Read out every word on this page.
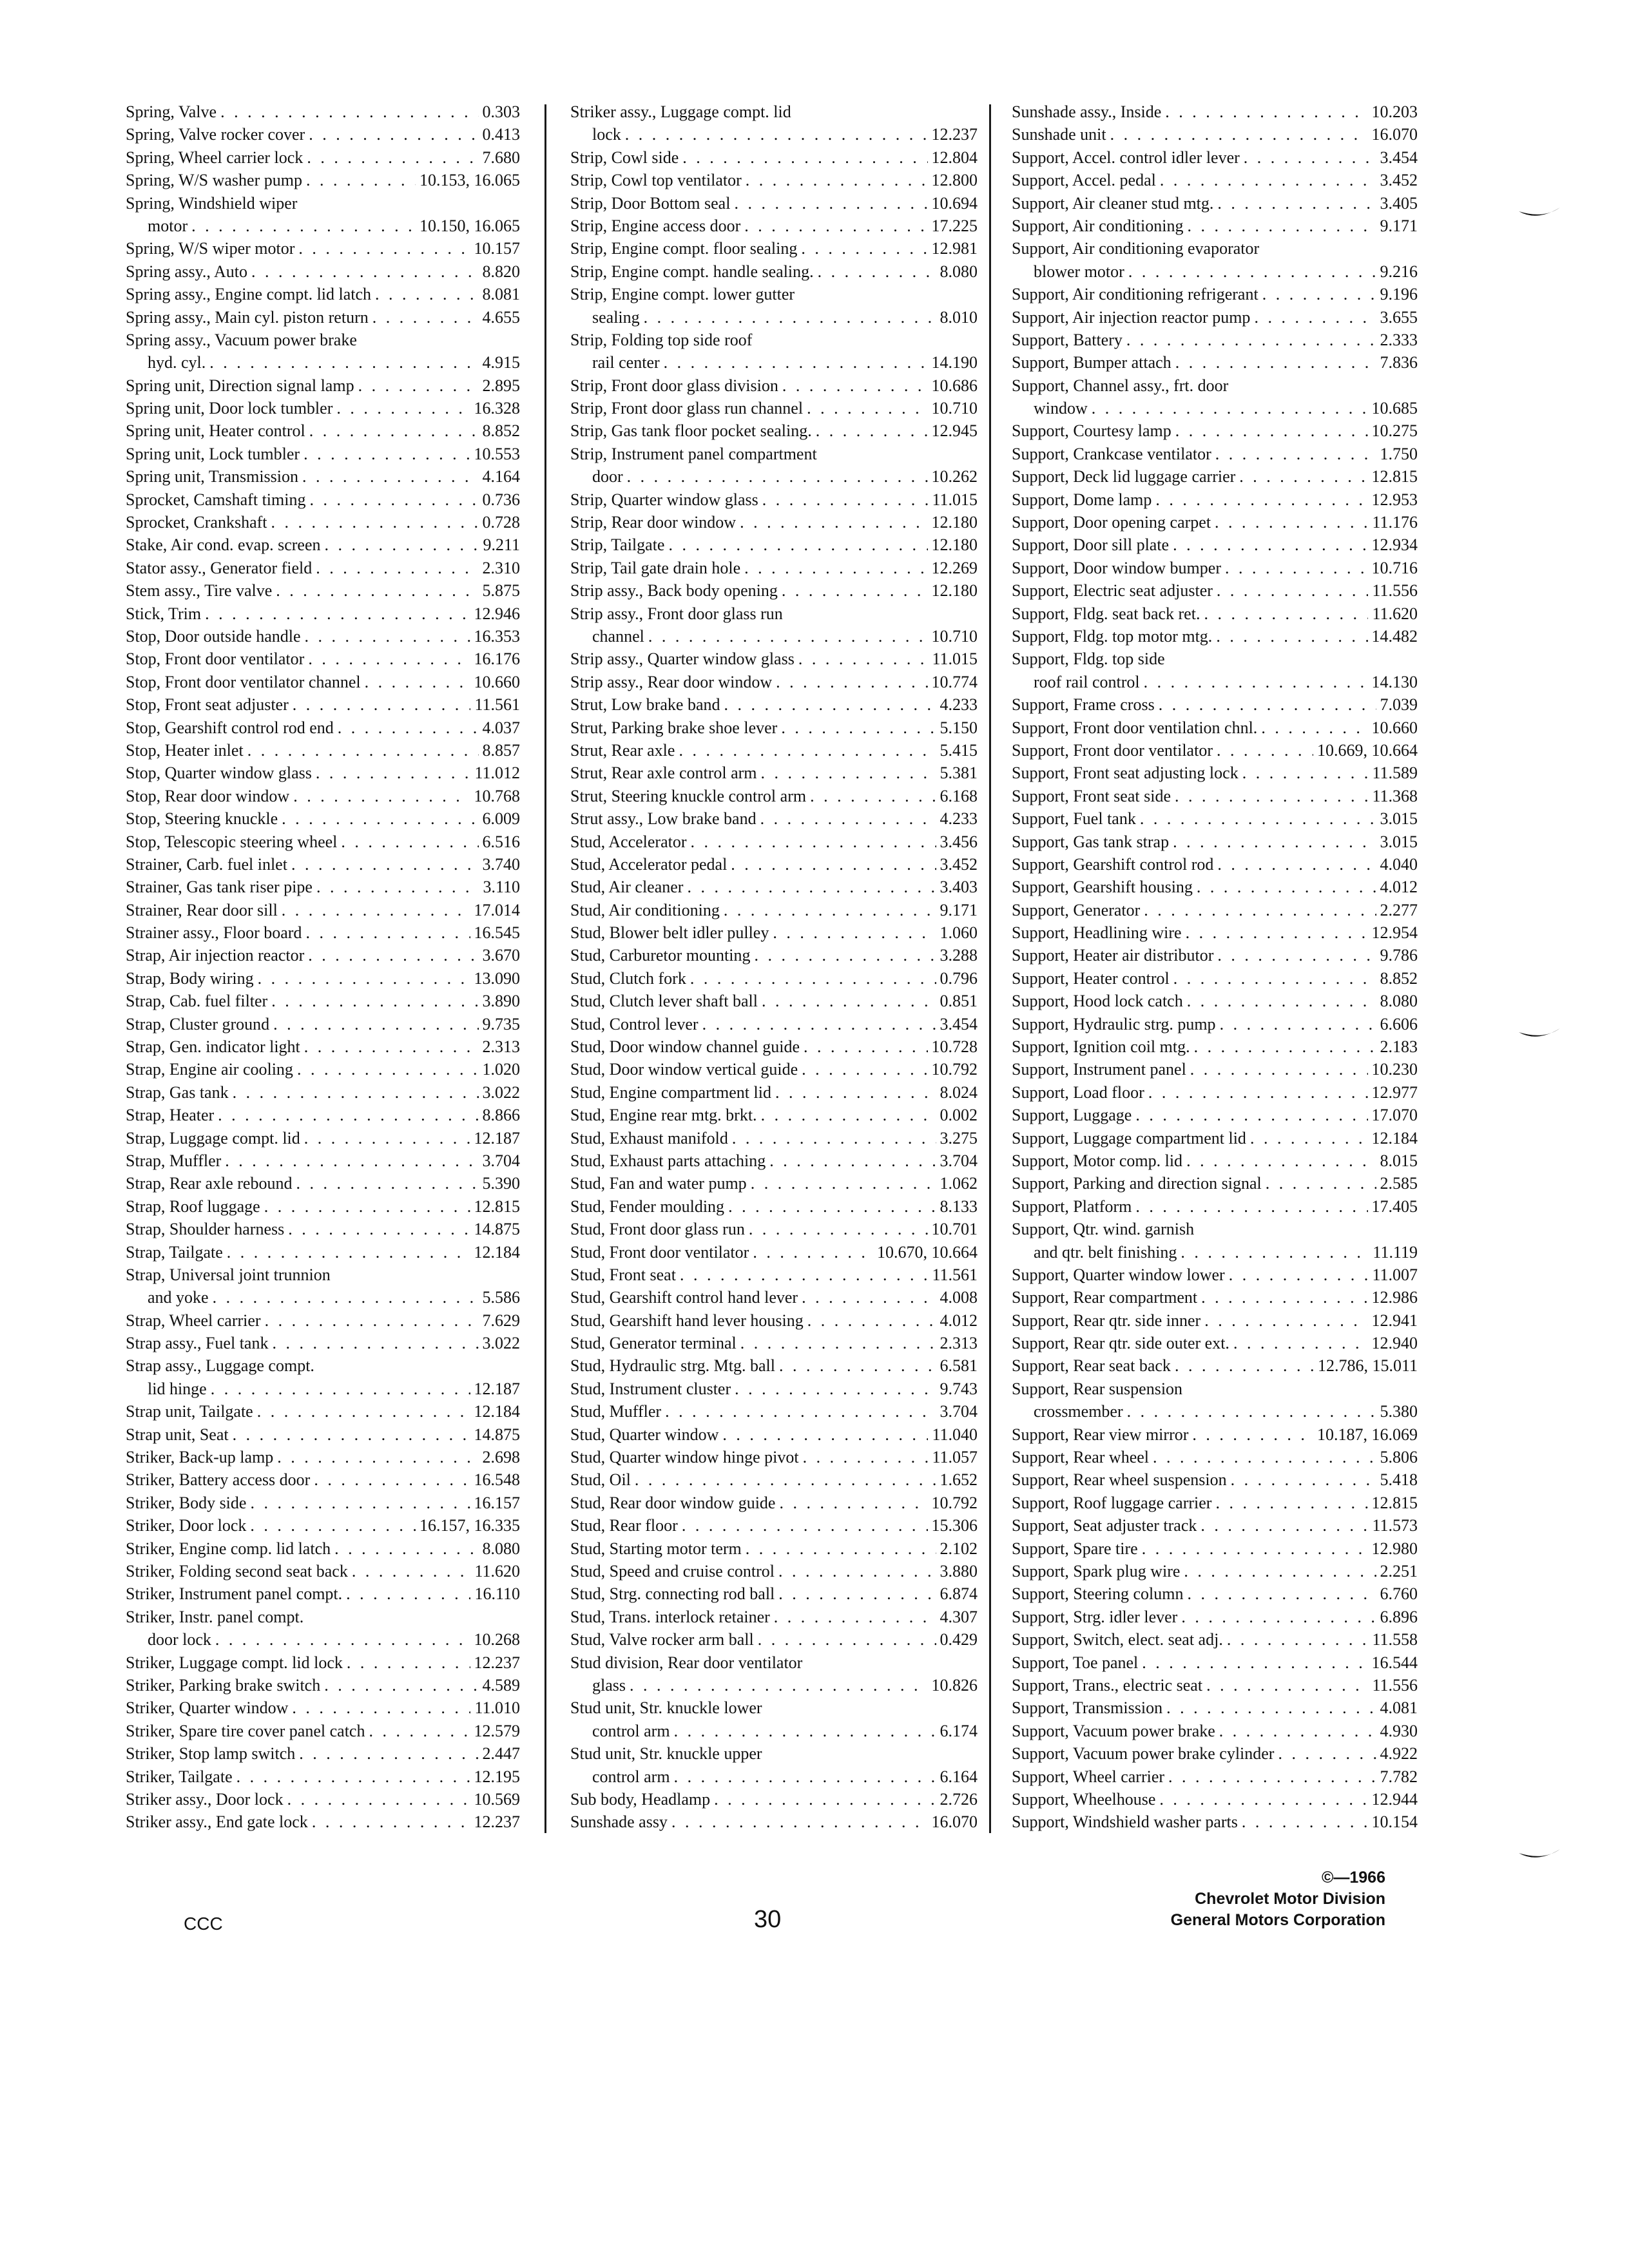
Spring, Valve . . .	0.303
Spring, Valve rocker cover . . .	0.413
Spring, Wheel carrier lock . . .	7.680
Spring, W/S washer pump . . .	10.153, 16.065
Spring, Windshield wiper
motor . . .	10.150, 16.065
Spring, W/S wiper motor . . .	10.157
Spring assy., Auto . . .	8.820
Spring assy., Engine compt. lid latch . . .	8.081
Spring assy., Main cyl. piston return . . .	4.655
Spring assy., Vacuum power brake
hyd. cyl. . . .	4.915
Spring unit, Direction signal lamp . . .	2.895
Spring unit, Door lock tumbler . . .	16.328
Spring unit, Heater control . . .	8.852
Spring unit, Lock tumbler . . .	10.553
Spring unit, Transmission . . .	4.164
Sprocket, Camshaft timing . . .	0.736
Sprocket, Crankshaft . . .	0.728
Stake, Air cond. evap. screen . . .	9.211
Stator assy., Generator field . . .	2.310
Stem assy., Tire valve . . .	5.875
Stick, Trim . . .	12.946
Stop, Door outside handle . . .	16.353
Stop, Front door ventilator . . .	16.176
Stop, Front door ventilator channel . . .	10.660
Stop, Front seat adjuster . . .	11.561
Stop, Gearshift control rod end . . .	4.037
Stop, Heater inlet . . .	8.857
Stop, Quarter window glass . . .	11.012
Stop, Rear door window . . .	10.768
Stop, Steering knuckle . . .	6.009
Stop, Telescopic steering wheel . . .	6.516
Strainer, Carb. fuel inlet . . .	3.740
Strainer, Gas tank riser pipe . . .	3.110
Strainer, Rear door sill . . .	17.014
Strainer assy., Floor board . . .	16.545
Strap, Air injection reactor . . .	3.670
Strap, Body wiring . . .	13.090
Strap, Cab. fuel filter . . .	3.890
Strap, Cluster ground . . .	9.735
Strap, Gen. indicator light . . .	2.313
Strap, Engine air cooling . . .	1.020
Strap, Gas tank . . .	3.022
Strap, Heater . . .	8.866
Strap, Luggage compt. lid . . .	12.187
Strap, Muffler . . .	3.704
Strap, Rear axle rebound . . .	5.390
Strap, Roof luggage . . .	12.815
Strap, Shoulder harness . . .	14.875
Strap, Tailgate . . .	12.184
Strap, Universal joint trunnion
and yoke . . .	5.586
Strap, Wheel carrier . . .	7.629
Strap assy., Fuel tank . . .	3.022
Strap assy., Luggage compt.
lid hinge . . .	12.187
Strap unit, Tailgate . . .	12.184
Strap unit, Seat . . .	14.875
Striker, Back-up lamp . . .	2.698
Striker, Battery access door . . .	16.548
Striker, Body side . . .	16.157
Striker, Door lock . . .	16.157, 16.335
Striker, Engine comp. lid latch . . .	8.080
Striker, Folding second seat back . . .	11.620
Striker, Instrument panel compt. . . .	16.110
Striker, Instr. panel compt.
door lock . . .	10.268
Striker, Luggage compt. lid lock . . .	12.237
Striker, Parking brake switch . . .	4.589
Striker, Quarter window . . .	11.010
Striker, Spare tire cover panel catch . . .	12.579
Striker, Stop lamp switch . . .	2.447
Striker, Tailgate . . .	12.195
Striker assy., Door lock . . .	10.569
Striker assy., End gate lock . . .	12.237
Striker assy., Luggage compt. lid
lock . . .	12.237
Strip, Cowl side . . .	12.804
Strip, Cowl top ventilator . . .	12.800
Strip, Door Bottom seal . . .	10.694
Strip, Engine access door . . .	17.225
Strip, Engine compt. floor sealing . . .	12.981
Strip, Engine compt. handle sealing. . . .	8.080
Strip, Engine compt. lower gutter
sealing . . .	8.010
Strip, Folding top side roof
rail center . . .	14.190
Strip, Front door glass division . . .	10.686
Strip, Front door glass run channel . . .	10.710
Strip, Gas tank floor pocket sealing. . . .	12.945
Strip, Instrument panel compartment
door . . .	10.262
Strip, Quarter window glass . . .	11.015
Strip, Rear door window . . .	12.180
Strip, Tailgate . . .	12.180
Strip, Tail gate drain hole . . .	12.269
Strip assy., Back body opening . . .	12.180
Strip assy., Front door glass run
channel . . .	10.710
Strip assy., Quarter window glass . . .	11.015
Strip assy., Rear door window . . .	10.774
Strut, Low brake band . . .	4.233
Strut, Parking brake shoe lever . . .	5.150
Strut, Rear axle . . .	5.415
Strut, Rear axle control arm . . .	5.381
Strut, Steering knuckle control arm . . .	6.168
Strut assy., Low brake band . . .	4.233
Stud, Accelerator . . .	3.456
Stud, Accelerator pedal . . .	3.452
Stud, Air cleaner . . .	3.403
Stud, Air conditioning . . .	9.171
Stud, Blower belt idler pulley . . .	1.060
Stud, Carburetor mounting . . .	3.288
Stud, Clutch fork . . .	0.796
Stud, Clutch lever shaft ball . . .	0.851
Stud, Control lever . . .	3.454
Stud, Door window channel guide . . .	10.728
Stud, Door window vertical guide . . .	10.792
Stud, Engine compartment lid . . .	8.024
Stud, Engine rear mtg. brkt. . . .	0.002
Stud, Exhaust manifold . . .	3.275
Stud, Exhaust parts attaching . . .	3.704
Stud, Fan and water pump . . .	1.062
Stud, Fender moulding . . .	8.133
Stud, Front door glass run . . .	10.701
Stud, Front door ventilator . . .	10.670, 10.664
Stud, Front seat . . .	11.561
Stud, Gearshift control hand lever . . .	4.008
Stud, Gearshift hand lever housing . . .	4.012
Stud, Generator terminal . . .	2.313
Stud, Hydraulic strg. Mtg. ball . . .	6.581
Stud, Instrument cluster . . .	9.743
Stud, Muffler . . .	3.704
Stud, Quarter window . . .	11.040
Stud, Quarter window hinge pivot . . .	11.057
Stud, Oil . . .	1.652
Stud, Rear door window guide . . .	10.792
Stud, Rear floor . . .	15.306
Stud, Starting motor term . . .	2.102
Stud, Speed and cruise control . . .	3.880
Stud, Strg. connecting rod ball . . .	6.874
Stud, Trans. interlock retainer . . .	4.307
Stud, Valve rocker arm ball . . .	0.429
Stud division, Rear door ventilator
glass . . .	10.826
Stud unit, Str. knuckle lower
control arm . . .	6.174
Stud unit, Str. knuckle upper
control arm . . .	6.164
Sub body, Headlamp . . .	2.726
Sunshade assy . . .	16.070
Sunshade assy., Inside . . .	10.203
Sunshade unit . . .	16.070
Support, Accel. control idler lever . . .	3.454
Support, Accel. pedal . . .	3.452
Support, Air cleaner stud mtg. . . .	3.405
Support, Air conditioning . . .	9.171
Support, Air conditioning evaporator
blower motor . . .	9.216
Support, Air conditioning refrigerant . . .	9.196
Support, Air injection reactor pump . . .	3.655
Support, Battery . . .	2.333
Support, Bumper attach . . .	7.836
Support, Channel assy., frt. door
window . . .	10.685
Support, Courtesy lamp . . .	10.275
Support, Crankcase ventilator . . .	1.750
Support, Deck lid luggage carrier . . .	12.815
Support, Dome lamp . . .	12.953
Support, Door opening carpet . . .	11.176
Support, Door sill plate . . .	12.934
Support, Door window bumper . . .	10.716
Support, Electric seat adjuster . . .	11.556
Support, Fldg. seat back ret. . . .	11.620
Support, Fldg. top motor mtg. . . .	14.482
Support, Fldg. top side
roof rail control . . .	14.130
Support, Frame cross . . .	7.039
Support, Front door ventilation chnl. . . .	10.660
Support, Front door ventilator . . .	10.669, 10.664
Support, Front seat adjusting lock . . .	11.589
Support, Front seat side . . .	11.368
Support, Fuel tank . . .	3.015
Support, Gas tank strap . . .	3.015
Support, Gearshift control rod . . .	4.040
Support, Gearshift housing . . .	4.012
Support, Generator . . .	2.277
Support, Headlining wire . . .	12.954
Support, Heater air distributor . . .	9.786
Support, Heater control . . .	8.852
Support, Hood lock catch . . .	8.080
Support, Hydraulic strg. pump . . .	6.606
Support, Ignition coil mtg. . . .	2.183
Support, Instrument panel . . .	10.230
Support, Load floor . . .	12.977
Support, Luggage . . .	17.070
Support, Luggage compartment lid . . .	12.184
Support, Motor comp. lid . . .	8.015
Support, Parking and direction signal . . .	2.585
Support, Platform . . .	17.405
Support, Qtr. wind. garnish
and qtr. belt finishing . . .	11.119
Support, Quarter window lower . . .	11.007
Support, Rear compartment . . .	12.986
Support, Rear qtr. side inner . . .	12.941
Support, Rear qtr. side outer ext. . . .	12.940
Support, Rear seat back . . .	12.786, 15.011
Support, Rear suspension
crossmember . . .	5.380
Support, Rear view mirror . . .	10.187, 16.069
Support, Rear wheel . . .	5.806
Support, Rear wheel suspension . . .	5.418
Support, Roof luggage carrier . . .	12.815
Support, Seat adjuster track . . .	11.573
Support, Spare tire . . .	12.980
Support, Spark plug wire . . .	2.251
Support, Steering column . . .	6.760
Support, Strg. idler lever . . .	6.896
Support, Switch, elect. seat adj. . . .	11.558
Support, Toe panel . . .	16.544
Support, Trans., electric seat . . .	11.556
Support, Transmission . . .	4.081
Support, Vacuum power brake . . .	4.930
Support, Vacuum power brake cylinder . . .	4.922
Support, Wheel carrier . . .	7.782
Support, Wheelhouse . . .	12.944
Support, Windshield washer parts . . .	10.154
CCC	30
©—1966
Chevrolet Motor Division
General Motors Corporation
